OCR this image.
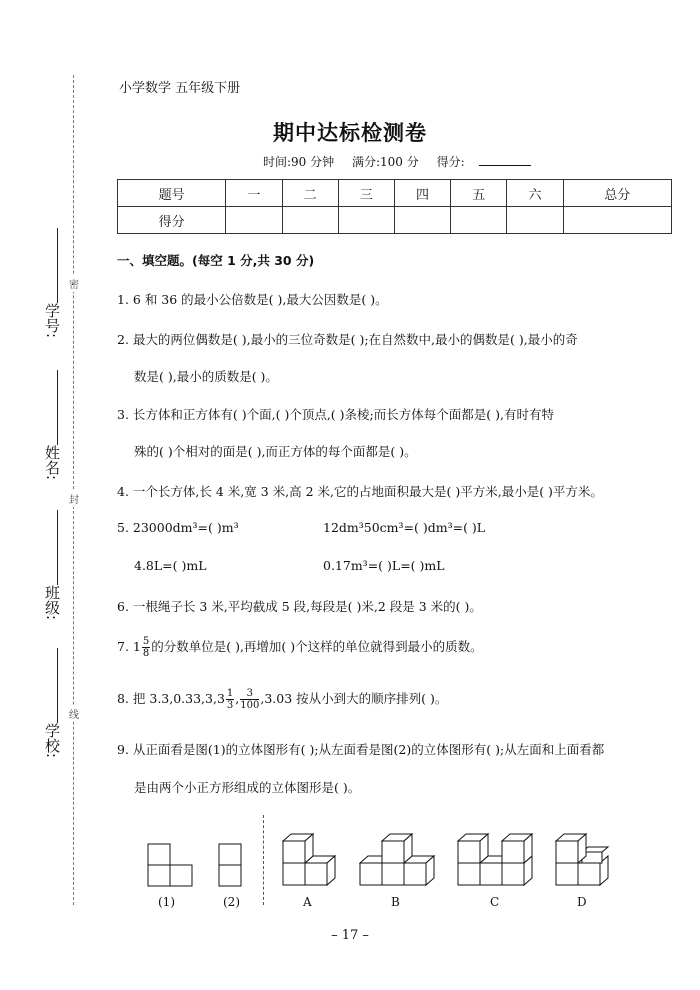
学号:
姓名:
班级:
学校:
密
封
线
小学数学 五年级下册
期中达标检测卷
时间:90 分钟 满分:100 分 得分:
题号	一	二	三	四	五	六	总分
得分							
一、填空题。(每空 1 分,共 30 分)
1. 6 和 36 的最小公倍数是( ),最大公因数是( )。
2. 最大的两位偶数是( ),最小的三位奇数是( );在自然数中,最小的偶数是( ),最小的奇
数是( ),最小的质数是( )。
3. 长方体和正方体有( )个面,( )个顶点,( )条棱;而长方体每个面都是( ),有时有特
殊的( )个相对的面是( ),而正方体的每个面都是( )。
4. 一个长方体,长 4 米,宽 3 米,高 2 米,它的占地面积最大是( )平方米,最小是( )平方米。
5. 23000dm³=( )m³	12dm³50cm³=( )dm³=( )L
4.8L=( )mL	0.17m³=( )L=( )mL
6. 一根绳子长 3 米,平均截成 5 段,每段是( )米,2 段是 3 米的( )。
7. $1 \frac{5}{8}$ 的分数单位是( ),再增加( )个这样的单位就得到最小的质数。
8. 把 $3.3,0.33,3,3 \frac{1}{3}$ , $\frac{3}{100} ,3.03$ 按从小到大的顺序排列( )。
9. 从正面看是图(1)的立体图形有( );从左面看是图(2)的立体图形有( );从左面和上面看都
是由两个小正方形组成的立体图形是( )。
(1)	(2)	A	B	C	D
– 17 –
